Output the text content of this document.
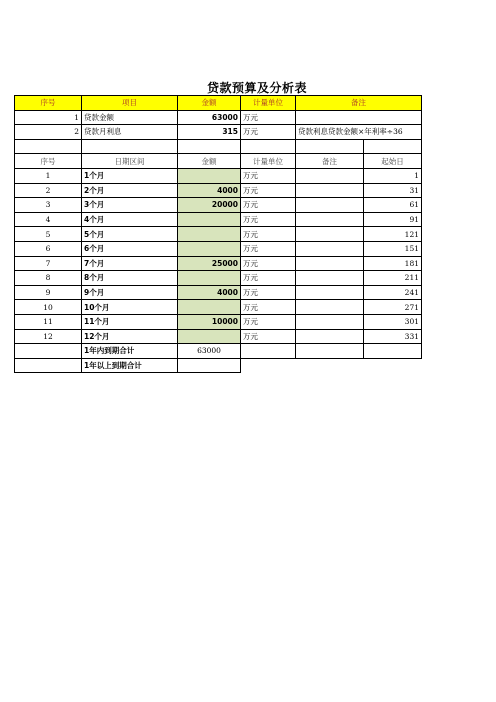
贷款预算及分析表
序号	项目	金额	计量单位	备注	
1	贷款金额	63000	万元		
2	贷款月利息	315	万元	贷款利息贷款金额×年利率÷36	

序号	日期区间	金额	计量单位	备注	起始日
1	1个月		万元		1
2	2个月	4000	万元		31
3	3个月	20000	万元		61
4	4个月		万元		91
5	5个月		万元		121
6	6个月		万元		151
7	7个月	25000	万元		181
8	8个月		万元		211
9	9个月	4000	万元		241
10	10个月		万元		271
11	11个月	10000	万元		301
12	12个月		万元		331
	1年内到期合计	63000			
	1年以上到期合计				
